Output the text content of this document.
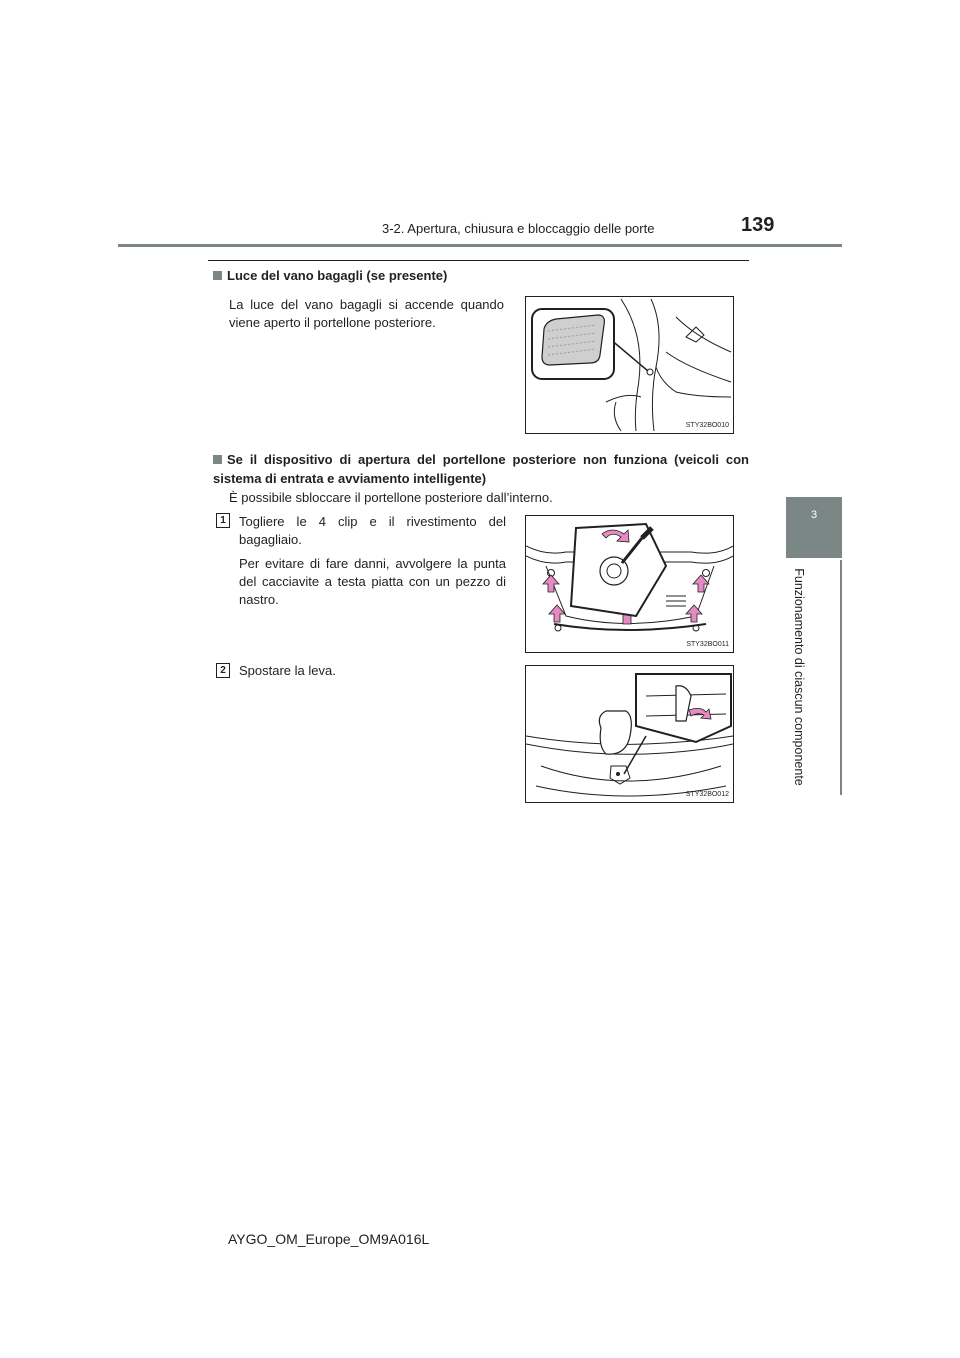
3-2. Apertura, chiusura e bloccaggio delle porte	139
3
Funzionamento di ciascun componente
Luce del vano bagagli (se presente)
La luce del vano bagagli si accende quando viene aperto il portellone posteriore.
STY32BO010
Se il dispositivo di apertura del portellone posteriore non funziona (veicoli con sistema di entrata e avviamento intelligente)
È possibile sbloccare il portellone posteriore dall’interno.
1	Togliere le 4 clip e il rivestimento del bagagliaio.
Per evitare di fare danni, avvolgere la punta del cacciavite a testa piatta con un pezzo di nastro.
STY32BO011
2	Spostare la leva.
STY32BO012
AYGO_OM_Europe_OM9A016L
